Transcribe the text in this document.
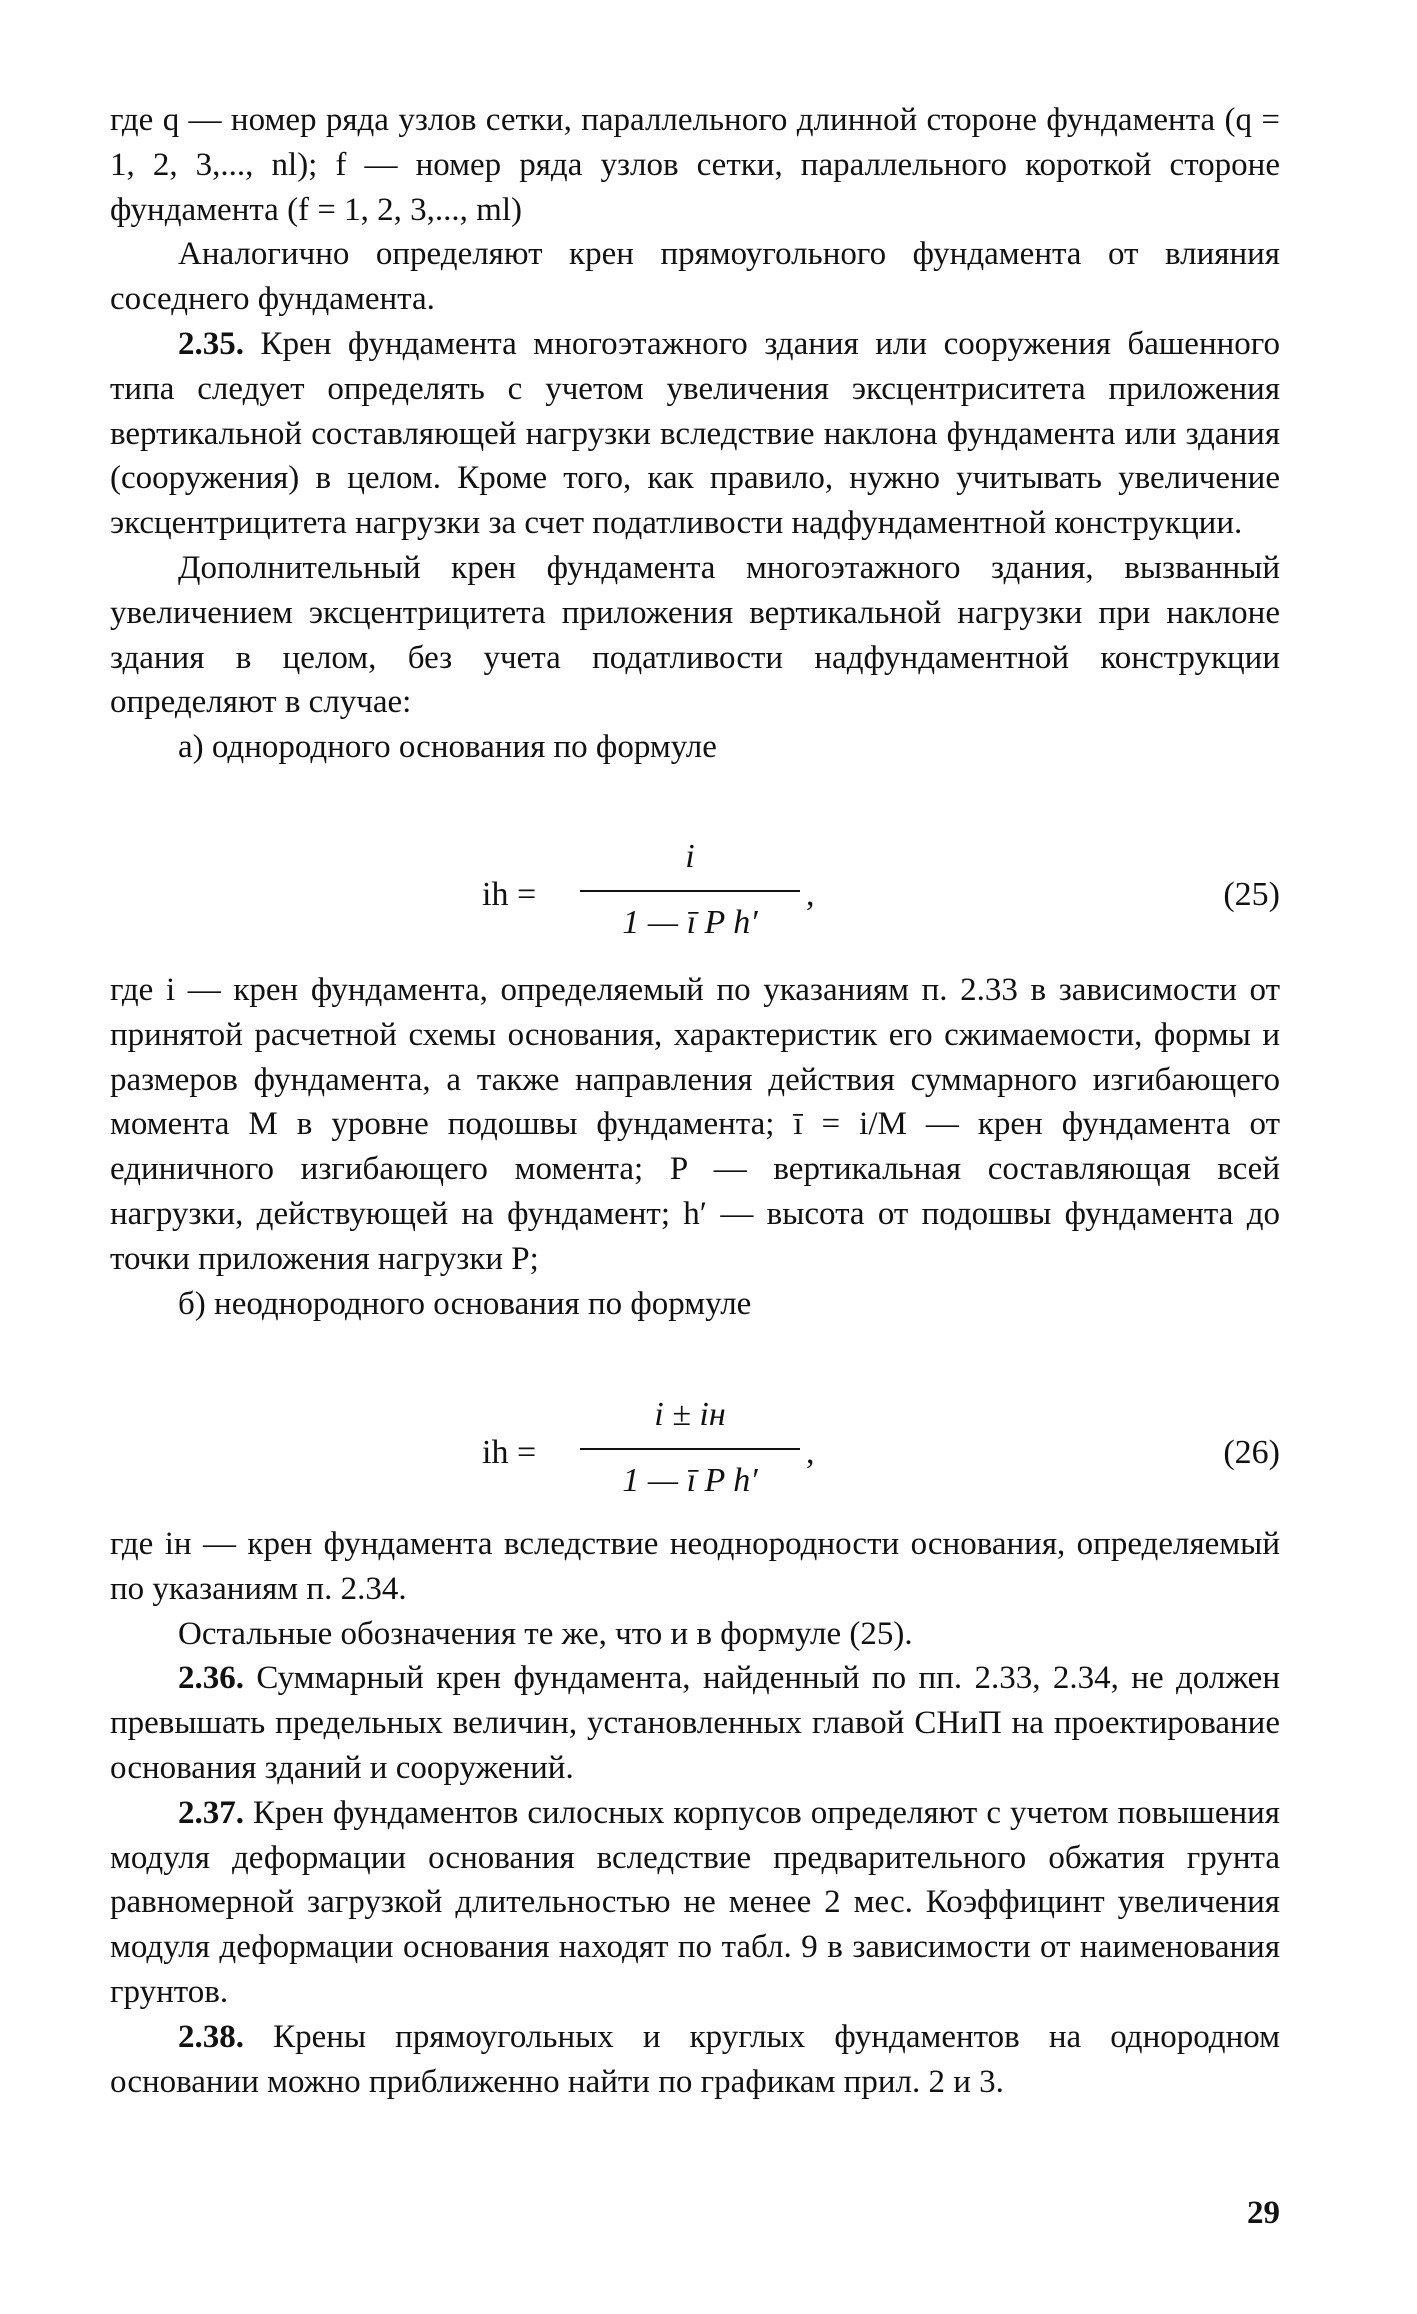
где q — номер ряда узлов сетки, параллельного длинной стороне фундамента (q = 1, 2, 3,..., nl); f — номер ряда узлов сетки, параллельного короткой стороне фундамента (f = 1, 2, 3,..., ml)

Аналогично определяют крен прямоугольного фундамента от влияния соседнего фундамента.

2.35. Крен фундамента многоэтажного здания или сооружения башенного типа следует определять с учетом увеличения эксцентриситета приложения вертикальной составляющей нагрузки вследствие наклона фундамента или здания (сооружения) в целом. Кроме того, как правило, нужно учитывать увеличение эксцентрицитета нагрузки за счет податливости надфундаментной конструкции.

Дополнительный крен фундамента многоэтажного здания, вызванный увеличением эксцентрицитета приложения вертикальной нагрузки при наклоне здания в целом, без учета податливости надфундаментной конструкции определяют в случае:

а) однородного основания по формуле

ih =
i
1 — ī P h′
,	(25)

где i — крен фундамента, определяемый по указаниям п. 2.33 в зависимости от принятой расчетной схемы основания, характеристик его сжимаемости, формы и размеров фундамента, а также направления действия суммарного изгибающего момента M в уровне подошвы фундамента; ī = i/M — крен фундамента от единичного изгибающего момента; P — вертикальная составляющая всей нагрузки, действующей на фундамент; h′ — высота от подошвы фундамента до точки приложения нагрузки P;

б) неоднородного основания по формуле

ih =
i ± iн
1 — ī P h′
,	(26)

где iн — крен фундамента вследствие неоднородности основания, определяемый по указаниям п. 2.34.

Остальные обозначения те же, что и в формуле (25).

2.36. Суммарный крен фундамента, найденный по пп. 2.33, 2.34, не должен превышать предельных величин, установленных главой СНиП на проектирование основания зданий и сооружений.

2.37. Крен фундаментов силосных корпусов определяют с учетом повышения модуля деформации основания вследствие предварительного обжатия грунта равномерной загрузкой длительностью не менее 2 мес. Коэффицинт увеличения модуля деформации основания находят по табл. 9 в зависимости от наименования грунтов.

2.38. Крены прямоугольных и круглых фундаментов на однородном основании можно приближенно найти по графикам прил. 2 и 3.

29
